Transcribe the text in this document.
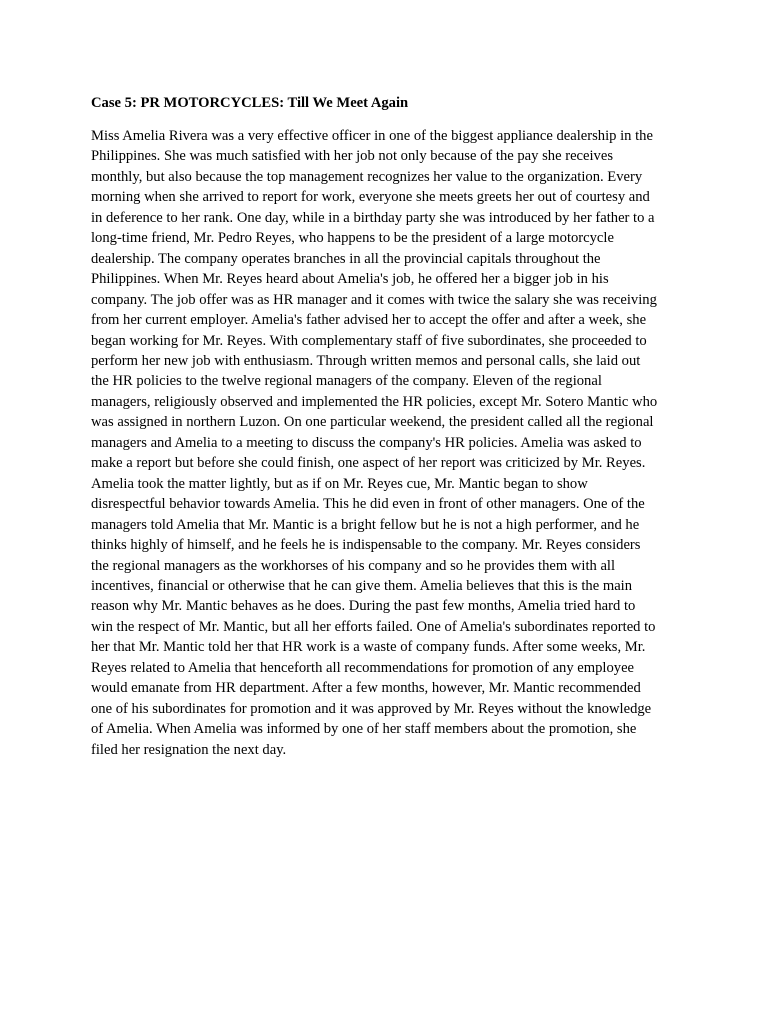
Case 5: PR MOTORCYCLES: Till We Meet Again

Miss Amelia Rivera was a very effective officer in one of the biggest appliance dealership in the
Philippines. She was much satisfied with her job not only because of the pay she receives
monthly, but also because the top management recognizes her value to the organization. Every
morning when she arrived to report for work, everyone she meets greets her out of courtesy and
in deference to her rank. One day, while in a birthday party she was introduced by her father to a
long-time friend, Mr. Pedro Reyes, who happens to be the president of a large motorcycle
dealership. The company operates branches in all the provincial capitals throughout the
Philippines. When Mr. Reyes heard about Amelia's job, he offered her a bigger job in his
company. The job offer was as HR manager and it comes with twice the salary she was receiving
from her current employer. Amelia's father advised her to accept the offer and after a week, she
began working for Mr. Reyes. With complementary staff of five subordinates, she proceeded to
perform her new job with enthusiasm. Through written memos and personal calls, she laid out
the HR policies to the twelve regional managers of the company. Eleven of the regional
managers, religiously observed and implemented the HR policies, except Mr. Sotero Mantic who
was assigned in northern Luzon. On one particular weekend, the president called all the regional
managers and Amelia to a meeting to discuss the company's HR policies. Amelia was asked to
make a report but before she could finish, one aspect of her report was criticized by Mr. Reyes.
Amelia took the matter lightly, but as if on Mr. Reyes cue, Mr. Mantic began to show
disrespectful behavior towards Amelia. This he did even in front of other managers. One of the
managers told Amelia that Mr. Mantic is a bright fellow but he is not a high performer, and he
thinks highly of himself, and he feels he is indispensable to the company. Mr. Reyes considers
the regional managers as the workhorses of his company and so he provides them with all
incentives, financial or otherwise that he can give them. Amelia believes that this is the main
reason why Mr. Mantic behaves as he does. During the past few months, Amelia tried hard to
win the respect of Mr. Mantic, but all her efforts failed. One of Amelia's subordinates reported to
her that Mr. Mantic told her that HR work is a waste of company funds. After some weeks, Mr.
Reyes related to Amelia that henceforth all recommendations for promotion of any employee
would emanate from HR department. After a few months, however, Mr. Mantic recommended
one of his subordinates for promotion and it was approved by Mr. Reyes without the knowledge
of Amelia. When Amelia was informed by one of her staff members about the promotion, she
filed her resignation the next day.
